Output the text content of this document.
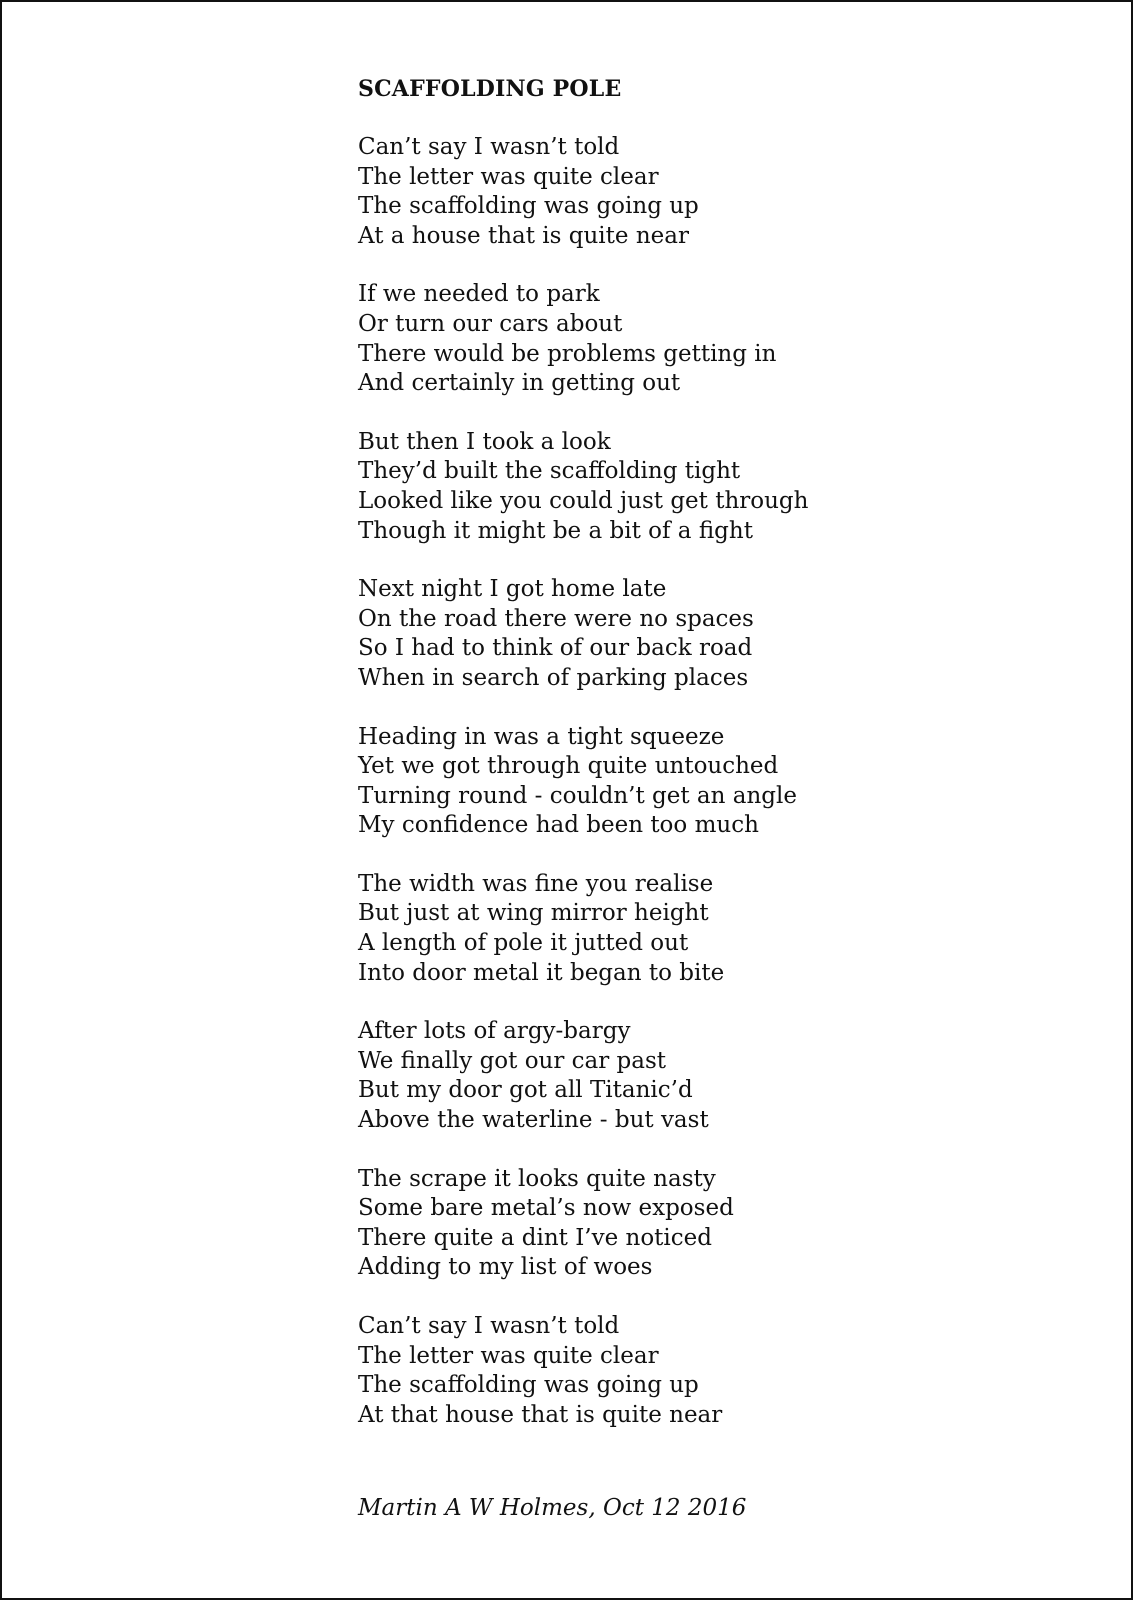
SCAFFOLDING POLE
Can’t say I wasn’t told
The letter was quite clear
The scaffolding was going up
At a house that is quite near
If we needed to park
Or turn our cars about
There would be problems getting in
And certainly in getting out
But then I took a look
They’d built the scaffolding tight
Looked like you could just get through
Though it might be a bit of a fight
Next night I got home late
On the road there were no spaces
So I had to think of our back road
When in search of parking places
Heading in was a tight squeeze
Yet we got through quite untouched
Turning round - couldn’t get an angle
My confidence had been too much
The width was fine you realise
But just at wing mirror height
A length of pole it jutted out
Into door metal it began to bite
After lots of argy-bargy
We finally got our car past
But my door got all Titanic’d
Above the waterline - but vast
The scrape it looks quite nasty
Some bare metal’s now exposed
There quite a dint I’ve noticed
Adding to my list of woes
Can’t say I wasn’t told
The letter was quite clear
The scaffolding was going up
At that house that is quite near
Martin A W Holmes, Oct 12 2016
